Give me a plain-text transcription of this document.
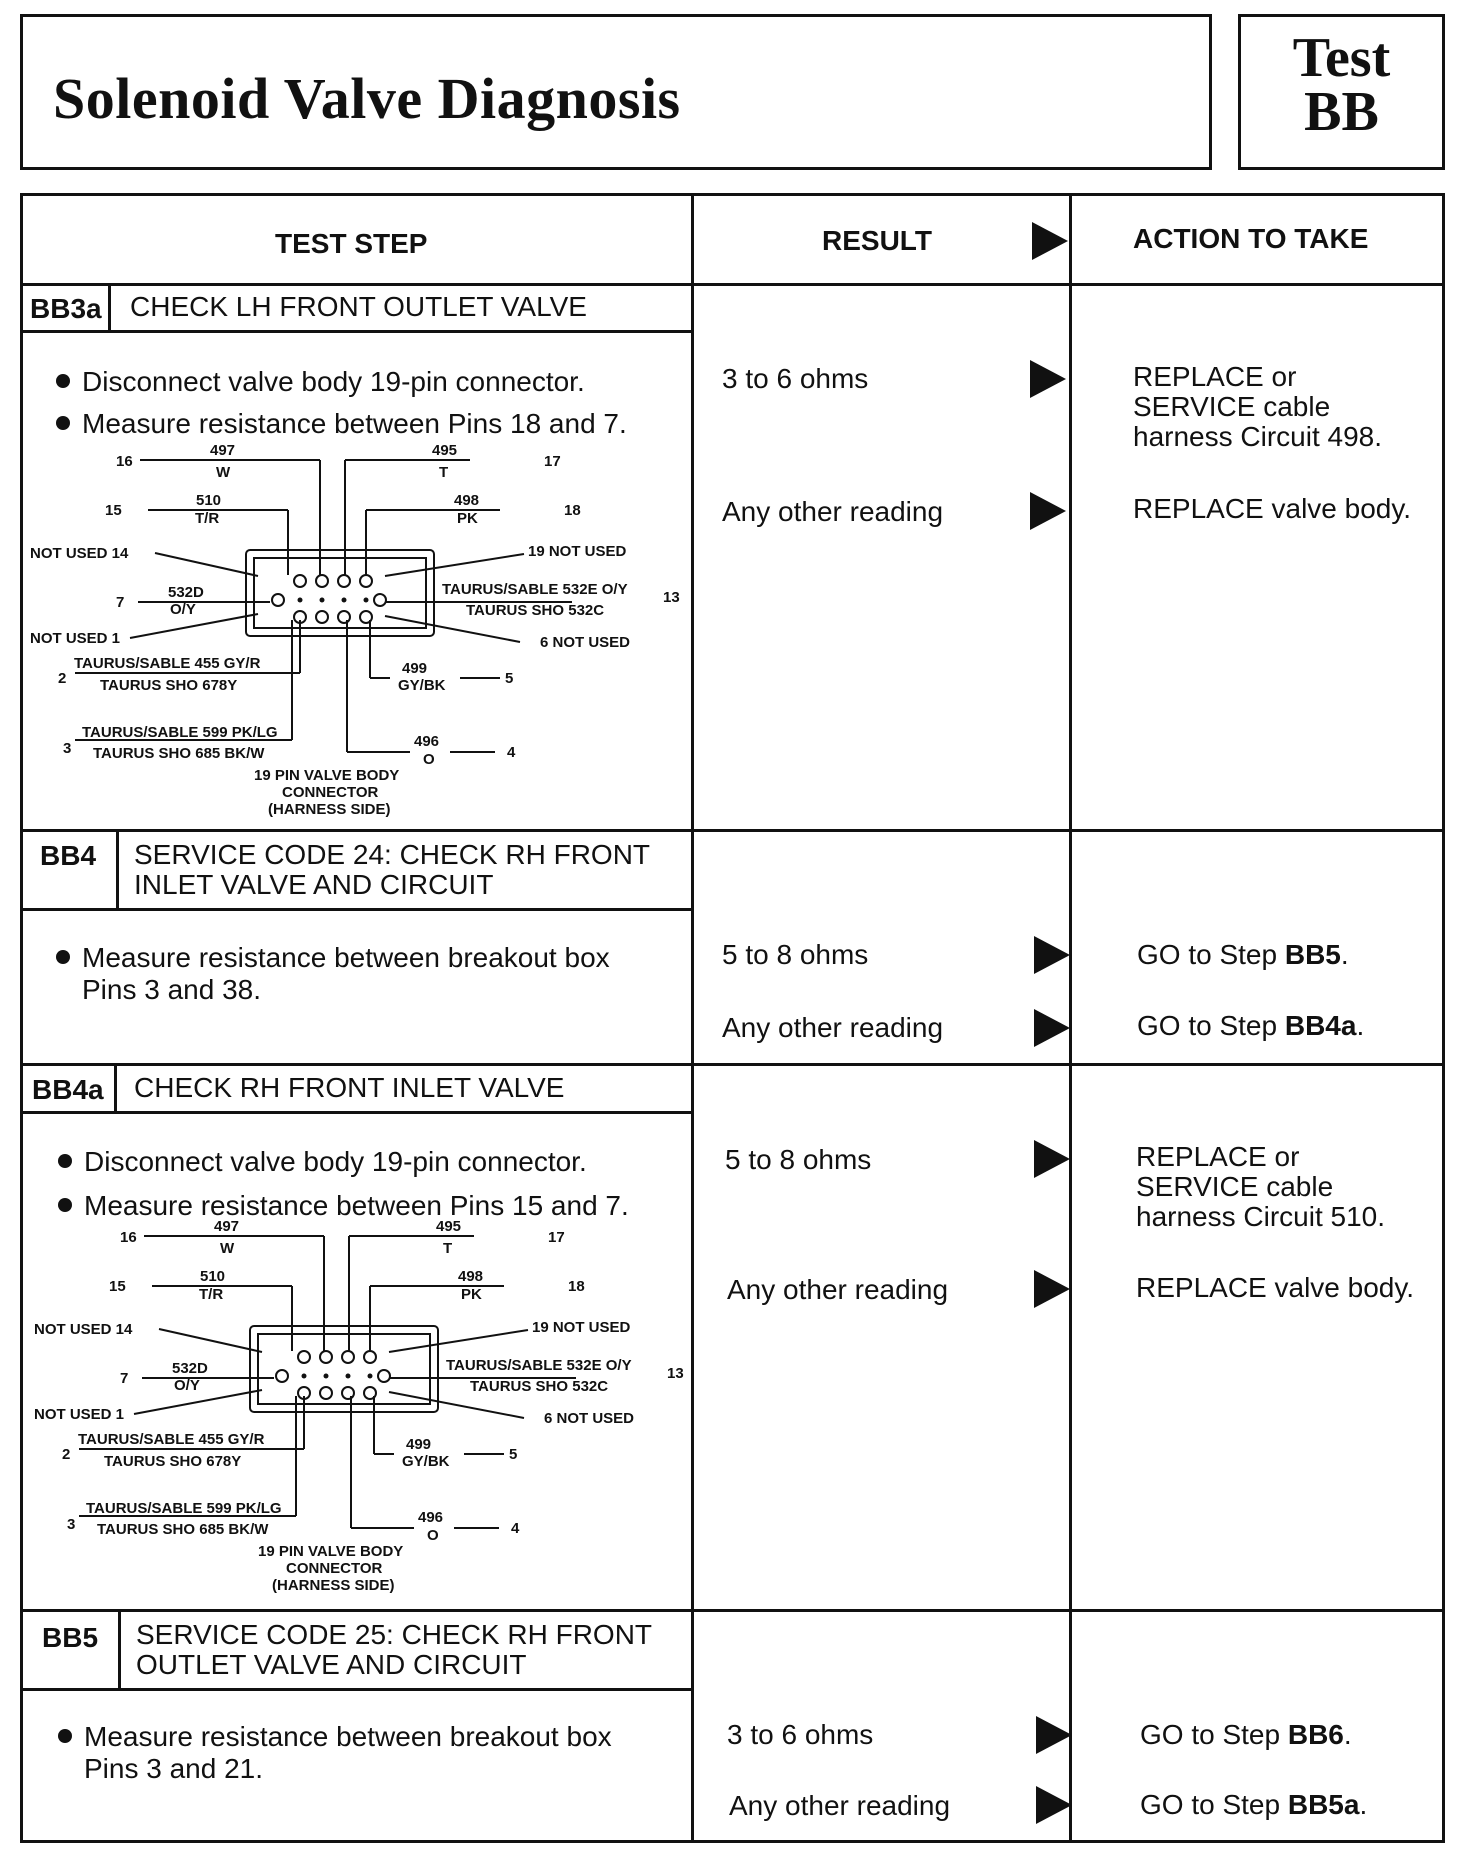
Solenoid Valve Diagnosis
Test
BB
TEST STEP	RESULT	ACTION TO TAKE
BB3a CHECK LH FRONT OUTLET VALVE
Disconnect valve body 19-pin connector.
Measure resistance between Pins 18 and 7.
3 to 6 ohms	REPLACE or
SERVICE cable
harness Circuit 498.
Any other reading	REPLACE valve body.
16
497
W
495
T
17
15
510
T/R
498
PK	18
NOT USED 14	19 NOT USED
7
532D
O/Y
TAURUS/SABLE 532E O/Y
TAURUS SHO 532C
13
NOT USED 1	6 NOT USED
2
TAURUS/SABLE 455 GY/R
TAURUS SHO 678Y
499
GY/BK	5
3
TAURUS/SABLE 599 PK/LG
TAURUS SHO 685 BK/W
496
O	4
19 PIN VALVE BODY
CONNECTOR
(HARNESS SIDE)
BB4 SERVICE CODE 24: CHECK RH FRONT
INLET VALVE AND CIRCUIT
Measure resistance between breakout box
Pins 3 and 38.
5 to 8 ohms	GO to Step BB5.
Any other reading	GO to Step BB4a.
BB4a CHECK RH FRONT INLET VALVE
Disconnect valve body 19-pin connector.
Measure resistance between Pins 15 and 7.
5 to 8 ohms	REPLACE or
SERVICE cable
harness Circuit 510.
Any other reading	REPLACE valve body.
16
497
W
495
T
17
15
510
T/R
498
PK	18
NOT USED 14	19 NOT USED
7
532D
O/Y
TAURUS/SABLE 532E O/Y
TAURUS SHO 532C
13
NOT USED 1	6 NOT USED
2
TAURUS/SABLE 455 GY/R
TAURUS SHO 678Y
499
GY/BK	5
3
TAURUS/SABLE 599 PK/LG
TAURUS SHO 685 BK/W
496
O	4
19 PIN VALVE BODY
CONNECTOR
(HARNESS SIDE)
BB5 SERVICE CODE 25: CHECK RH FRONT
OUTLET VALVE AND CIRCUIT
Measure resistance between breakout box
Pins 3 and 21.
3 to 6 ohms	GO to Step BB6.
Any other reading	GO to Step BB5a.
